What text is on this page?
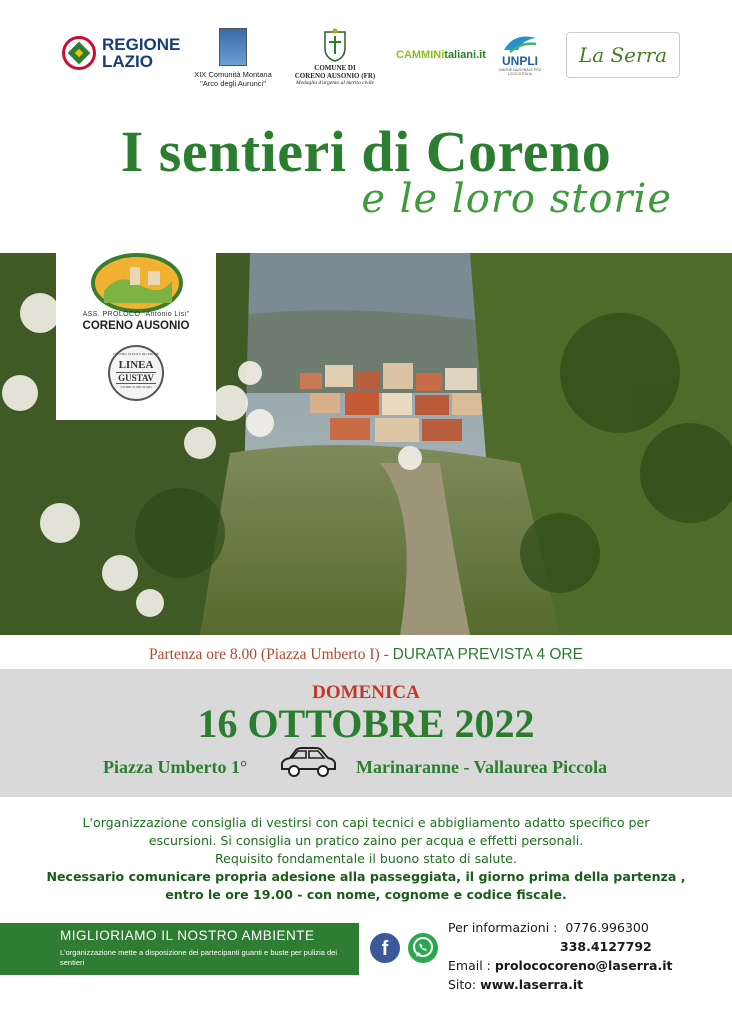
REGIONE
LAZIO
XIX Comunità Montana
"Arco degli Aurunci"
COMUNE DI
CORENO AUSONIO (FR)
Medaglia d'argento al merito civile
CAMMINitaliani.it	UNPLI
UNIONE NAZIONALE PRO LOCO D'ITALIA
La Serra
I sentieri di Coreno
e le loro storie
ASS. PROLOCO "Antonio Lisi"
CORENO AUSONIO
CENTRO STUDI E RICERCHE
LINEA
GUSTAV
STORICO MILITARI
Partenza ore 8.00 (Piazza Umberto I) - DURATA PREVISTA 4 ORE
DOMENICA
16 OTTOBRE 2022
Piazza Umberto 1°	Marinaranne - Vallaurea Piccola
L'organizzazione consiglia di vestirsi con capi tecnici e abbigliamento adatto specifico per
escursioni. Si consiglia un pratico zaino per acqua e effetti personali.
Requisito fondamentale il buono stato di salute.
Necessario comunicare propria adesione alla passeggiata, il giorno prima della partenza ,
entro le ore 19.00 - con nome, cognome e codice fiscale.
MIGLIORIAMO IL NOSTRO AMBIENTE
L'organizzazione mette a disposizione dei partecipanti guanti e buste per pulizia dei sentieri
f
Per informazioni : 0776.996300
338.4127792
Email : prolococoreno@laserra.it
Sito: www.laserra.it
